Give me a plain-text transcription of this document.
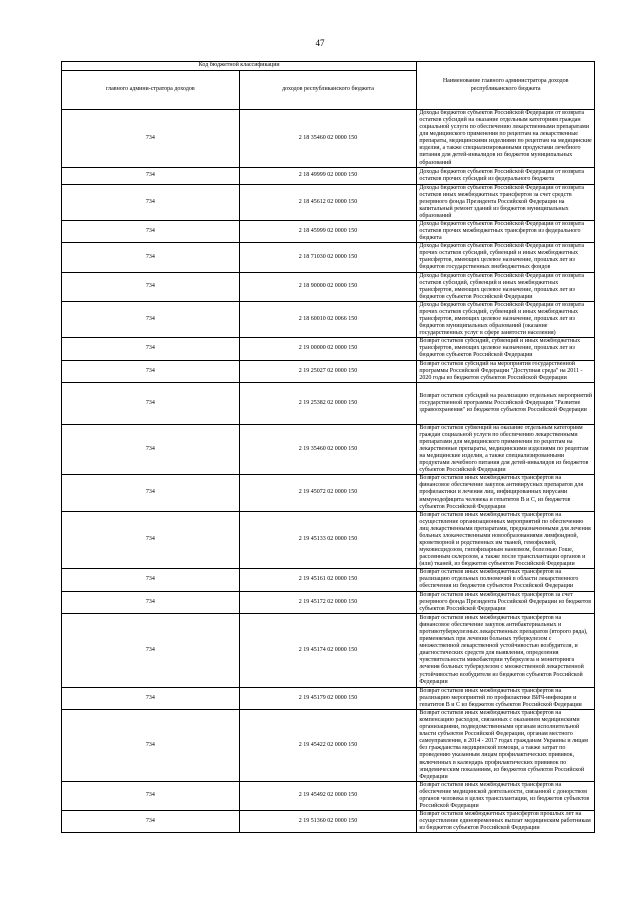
47
Код бюджетной классификации		Наименование главного администратора доходов республиканского бюджета
главного админи-стратора доходов	доходов республиканского бюджета	
734	2 18 35460 02 0000 150	Доходы бюджетов субъектов Российской Федерации от возврата остатков субсидий на оказание отдельным категориям граждан социальной услуги по обеспечению лекарственными препаратами для медицинского применения по рецептам на лекарственные препараты, медицинскими изделиями по рецептам на медицинские изделия, а также специализированными продуктами лечебного питания для детей-инвалидов из бюджетов муниципальных образований
734	2 18 49999 02 0000 150	Доходы бюджетов субъектов Российской Федерации от возврата остатков прочих субсидий из федерального бюджета
734	2 18 45612 02 0000 150	Доходы бюджетов субъектов Российской Федерации от возврата остатков иных межбюджетных трансфертов за счет средств резервного фонда Президента Российской Федерации на капитальный ремонт зданий из бюджетов муниципальных образований
734	2 18 45999 02 0000 150	Доходы бюджетов субъектов Российской Федерации от возврата остатков прочих межбюджетных трансфертов из федерального бюджета
734	2 18 71030 02 0000 150	Доходы бюджетов субъектов Российской Федерации от возврата прочих остатков субсидий, субвенций и иных межбюджетных трансфертов, имеющих целевое назначение, прошлых лет из бюджетов государственных внебюджетных фондов
734	2 18 90000 02 0000 150	Доходы бюджетов субъектов Российской Федерации от возврата остатков субсидий, субвенций и иных межбюджетных трансфертов, имеющих целевое назначение, прошлых лет из бюджетов субъектов Российской Федерации
734	2 18 60010 02 0066 150	Доходы бюджетов субъектов Российской Федерации от возврата прочих остатков субсидий, субвенций и иных межбюджетных трансфертов, имеющих целевое назначение, прошлых лет из бюджетов муниципальных образований (оказание государственных услуг в сфере занятости населения)
734	2 19 00000 02 0000 150	Возврат остатков субсидий, субвенций и иных межбюджетных трансфертов, имеющих целевое назначение, прошлых лет из бюджетов субъектов Российской Федерации
734	2 19 25027 02 0000 150	Возврат остатков субсидий на мероприятия государственной программы Российской Федерации "Доступная среда" на 2011 - 2020 годы из бюджетов субъектов Российской Федерации
734	2 19 25382 02 0000 150	Возврат остатков субсидий на реализацию отдельных мероприятий государственной программы Российской Федерации "Развитие здравоохранения" из бюджетов субъектов Российской Федерации
734	2 19 35460 02 0000 150	Возврат остатков субвенций на оказание отдельным категориям граждан социальной услуги по обеспечению лекарственными препаратами для медицинского применения по рецептам на лекарственные препараты, медицинскими изделиями по рецептам на медицинские изделия, а также специализированными продуктами лечебного питания для детей-инвалидов из бюджетов субъектов Российской Федерации
734	2 19 45072 02 0000 150	Возврат остатков иных межбюджетных трансфертов на финансовое обеспечение закупок антивирусных препаратов для профилактики и лечения лиц, инфицированных вирусами иммунодефицита человека и гепатитов B и C, из бюджетов субъектов Российской Федерации
734	2 19 45133 02 0000 150	Возврат остатков иных межбюджетных трансфертов на осуществление организационных мероприятий по обеспечению лиц лекарственными препаратами, предназначенными для лечения больных злокачественными новообразованиями лимфоидной, кроветворной и родственных им тканей, гемофилией, муковисцидозом, гипофизарным нанизмом, болезнью Гоше, рассеянным склерозом, а также после трансплантации органов и (или) тканей, из бюджетов субъектов Российской Федерации
734	2 19 45161 02 0000 150	Возврат остатков иных межбюджетных трансфертов на реализацию отдельных полномочий в области лекарственного обеспечения из бюджетов субъектов Российской Федерации
734	2 19 45172 02 0000 150	Возврат остатков иных межбюджетных трансфертов за счет резервного фонда Президента Российской Федерации из бюджетов субъектов Российской Федерации
734	2 19 45174 02 0000 150	Возврат остатков иных межбюджетных трансфертов на финансовое обеспечение закупок антибактериальных и противотуберкулезных лекарственных препаратов (второго ряда), применяемых при лечении больных туберкулезом с множественной лекарственной устойчивостью возбудителя, и диагностических средств для выявления, определения чувствительности микобактерии туберкулеза и мониторинга лечения больных туберкулезом с множественной лекарственной устойчивостью возбудителя из бюджетов субъектов Российской Федерации
734	2 19 45179 02 0000 150	Возврат остатков иных межбюджетных трансфертов на реализацию мероприятий по профилактике ВИЧ-инфекции и гепатитов B и C из бюджетов субъектов Российской Федерации
734	2 19 45422 02 0000 150	Возврат остатков иных межбюджетных трансфертов на компенсацию расходов, связанных с оказанием медицинскими организациями, подведомственными органам исполнительной власти субъектов Российской Федерации, органам местного самоуправления, в 2014 - 2017 годах гражданам Украины и лицам без гражданства медицинской помощи, а также затрат по проведению указанным лицам профилактических прививок, включенных в календарь профилактических прививок по эпидемическим показаниям, из бюджетов субъектов Российской Федерации
734	2 19 45492 02 0000 150	Возврат остатков иных межбюджетных трансфертов на обеспечение медицинской деятельности, связанной с донорством органов человека в целях трансплантации, из бюджетов субъектов Российской Федерации
734	2 19 51360 02 0000 150	Возврат остатков межбюджетных трансфертов прошлых лет на осуществление единовременных выплат медицинским работникам из бюджетов субъектов Российской Федерации
